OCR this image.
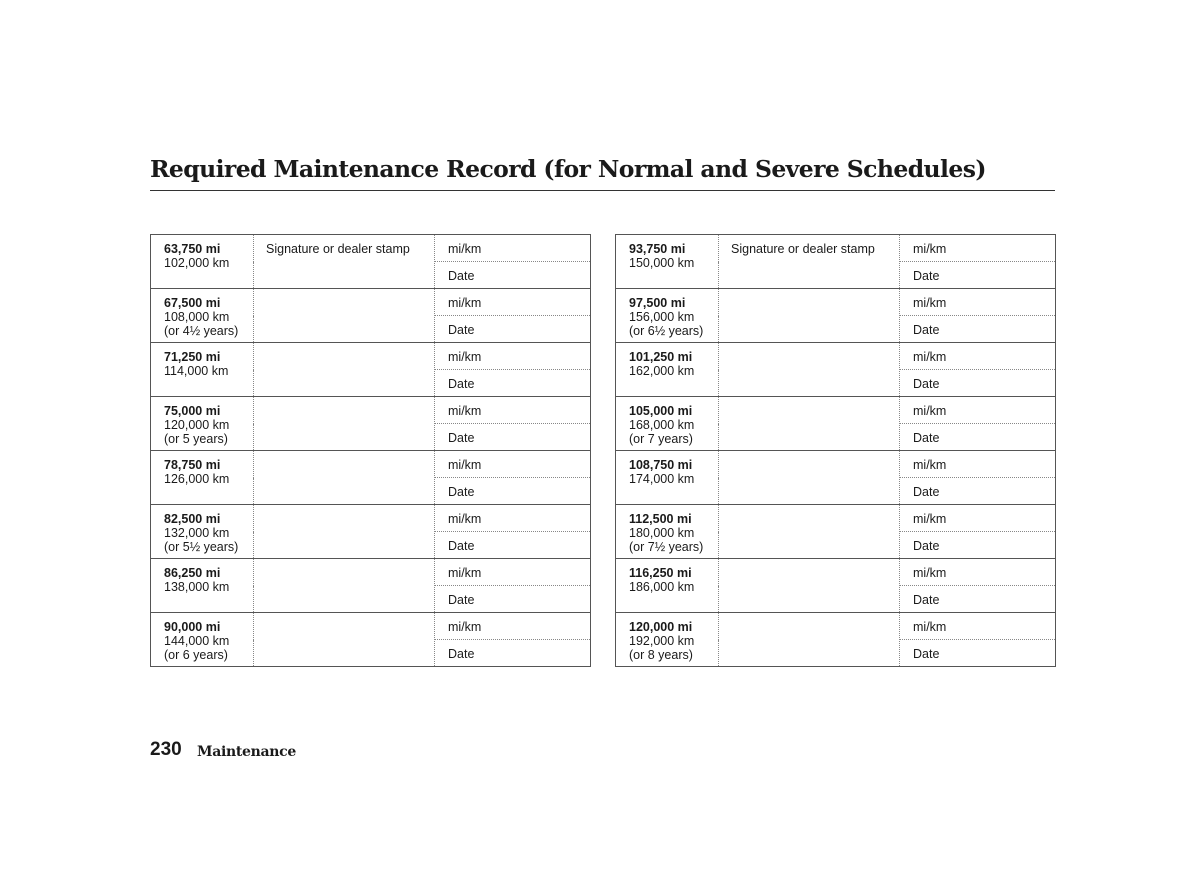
Required Maintenance Record (for Normal and Severe Schedules)
63,750 mi
102,000 km	Signature or dealer stamp	mi/km
		Date

67,500 mi
108,000 km
(or 4½ years)		mi/km
		Date

71,250 mi
114,000 km		mi/km
		Date

75,000 mi
120,000 km
(or 5 years)		mi/km
		Date

78,750 mi
126,000 km		mi/km
		Date

82,500 mi
132,000 km
(or 5½ years)		mi/km
		Date

86,250 mi
138,000 km		mi/km
		Date

90,000 mi
144,000 km
(or 6 years)		mi/km
		Date
93,750 mi
150,000 km	Signature or dealer stamp	mi/km
		Date

97,500 mi
156,000 km
(or 6½ years)		mi/km
		Date

101,250 mi
162,000 km		mi/km
		Date

105,000 mi
168,000 km
(or 7 years)		mi/km
		Date

108,750 mi
174,000 km		mi/km
		Date

112,500 mi
180,000 km
(or 7½ years)		mi/km
		Date

116,250 mi
186,000 km		mi/km
		Date

120,000 mi
192,000 km
(or 8 years)		mi/km
		Date
230 Maintenance
